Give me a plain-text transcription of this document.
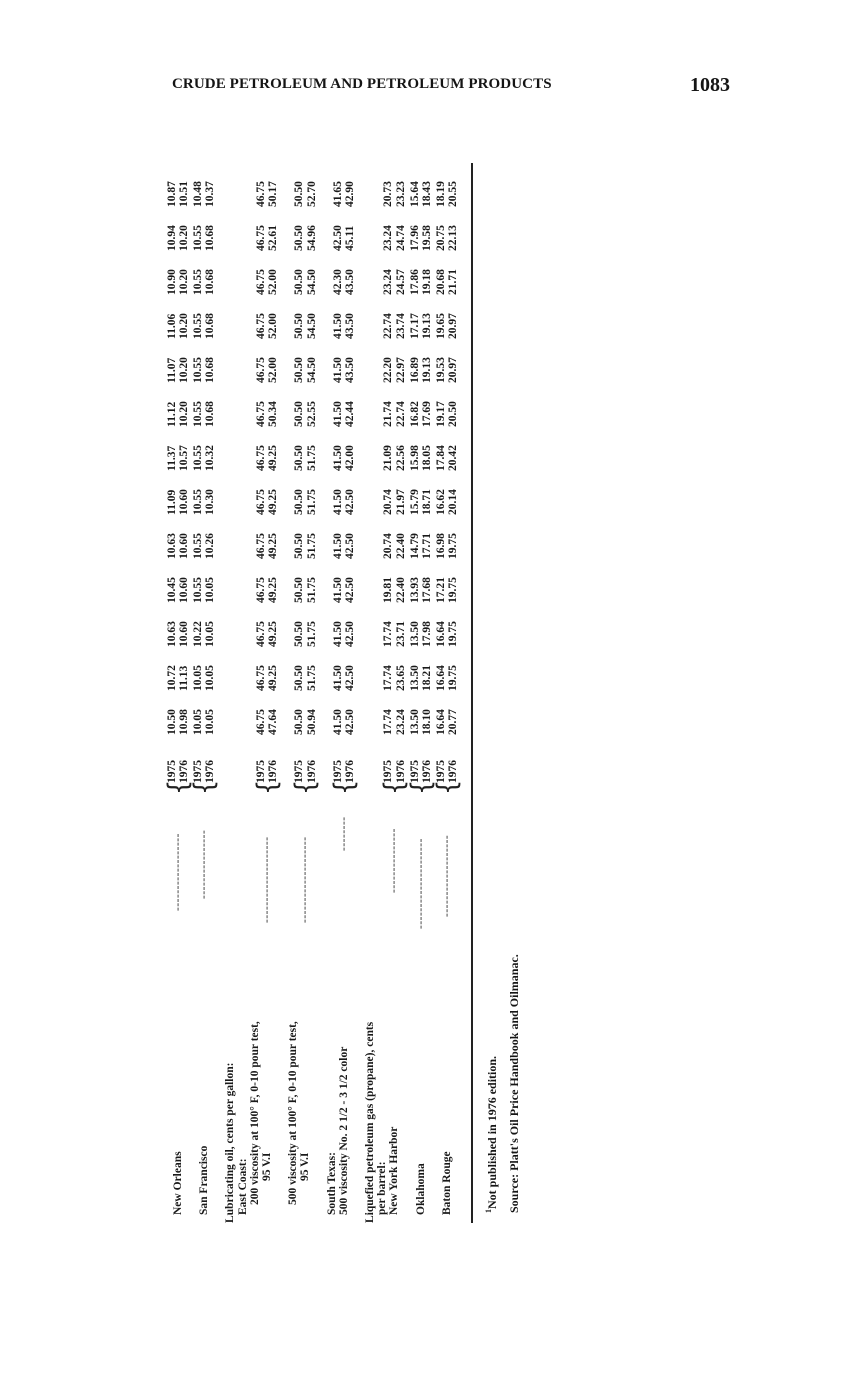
CRUDE PETROLEUM AND PETROLEUM PRODUCTS	1083
New Orleans
------------------
{
1975
10.50
10.72
10.63
10.45
10.63
11.09
11.37
11.12
11.07
11.06
10.90
10.94
10.87
1976
10.98
11.13
10.60
10.60
10.60
10.60
10.57
10.20
10.20
10.20
10.20
10.20
10.51
San Francisco
----------------
{
1975
10.05
10.05
10.22
10.55
10.55
10.55
10.55
10.55
10.55
10.55
10.55
10.55
10.48
1976
10.05
10.05
10.05
10.05
10.26
10.30
10.32
10.68
10.68
10.68
10.68
10.68
10.37
Lubricating oil, cents per gallon: East Coast: 200 viscosity at 100° F, 0-10 pour test, 95 V.I
--------------------
{
1975
46.75
46.75
46.75
46.75
46.75
46.75
46.75
46.75
46.75
46.75
46.75
46.75
46.75
1976
47.64
49.25
49.25
49.25
49.25
49.25
49.25
50.34
52.00
52.00
52.00
52.61
50.17
500 viscosity at 100° F, 0-10 pour test, 95 V.I
--------------------
{
1975
50.50
50.50
50.50
50.50
50.50
50.50
50.50
50.50
50.50
50.50
50.50
50.50
50.50
1976
50.94
51.75
51.75
51.75
51.75
51.75
51.75
52.55
54.50
54.50
54.50
54.96
52.70
South Texas: 500 viscosity No. 2 1/2 - 3 1/2 color
--------
{
1975
41.50
41.50
41.50
41.50
41.50
41.50
41.50
41.50
41.50
41.50
42.30
42.50
41.65
1976
42.50
42.50
42.50
42.50
42.50
42.50
42.00
42.44
43.50
43.50
43.50
45.11
42.90
Liquefied petroleum gas (propane), cents per barrel: New York Harbor
---------------
{
1975
17.74
17.74
17.74
19.81
20.74
20.74
21.09
21.74
22.20
22.74
23.24
23.24
20.73
1976
23.24
23.65
23.71
22.40
22.40
21.97
22.56
22.74
22.97
23.74
24.57
24.74
23.23
Oklahoma
---------------------
{
1975
13.50
13.50
13.50
13.93
14.79
15.79
15.98
16.82
16.89
17.17
17.86
17.96
15.64
1976
18.10
18.21
17.98
17.68
17.71
18.71
18.05
17.69
19.13
19.13
19.18
19.58
18.43
Baton Rouge
-------------------
{
1975
16.64
16.64
16.64
17.21
16.98
16.62
17.84
19.17
19.53
19.65
20.68
20.75
18.19
1976
20.77
19.75
19.75
19.75
19.75
20.14
20.42
20.50
20.97
20.97
21.71
22.13
20.55
$^1$Not published in 1976 edition. Source: Platt's Oil Price Handbook and Oilmanac.
